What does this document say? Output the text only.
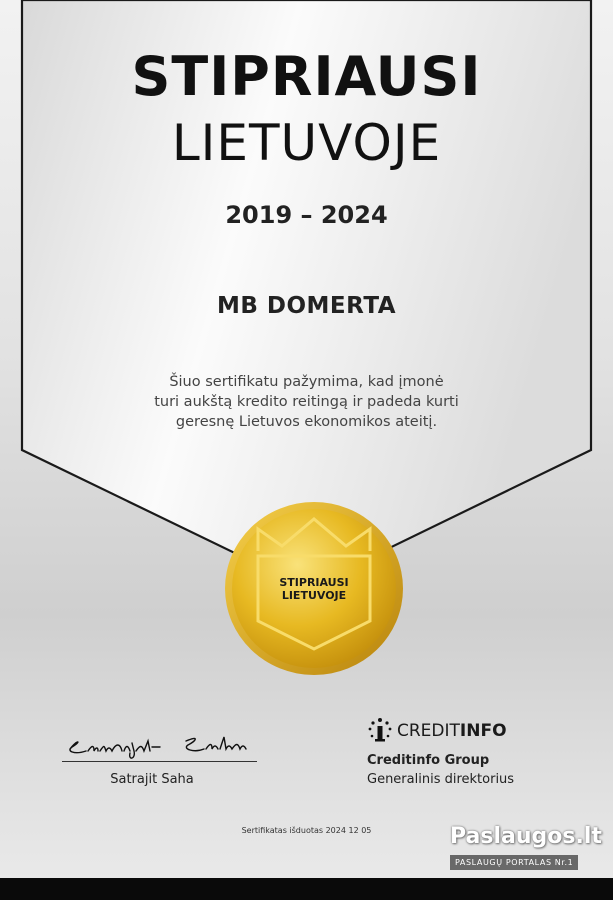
STIPRIAUSI
LIETUVOJE
2019 – 2024
MB DOMERTA
Šiuo sertifikatu pažymima, kad įmonė
turi aukštą kredito reitingą ir padeda kurti
geresnę Lietuvos ekonomikos ateitį.
STIPRIAUSI
LIETUVOJE
Satrajit Saha
CREDITINFO
Creditinfo Group
Generalinis direktorius
Sertifikatas išduotas 2024 12 05	Paslaugos.lt
PASLAUGŲ PORTALAS Nr.1
